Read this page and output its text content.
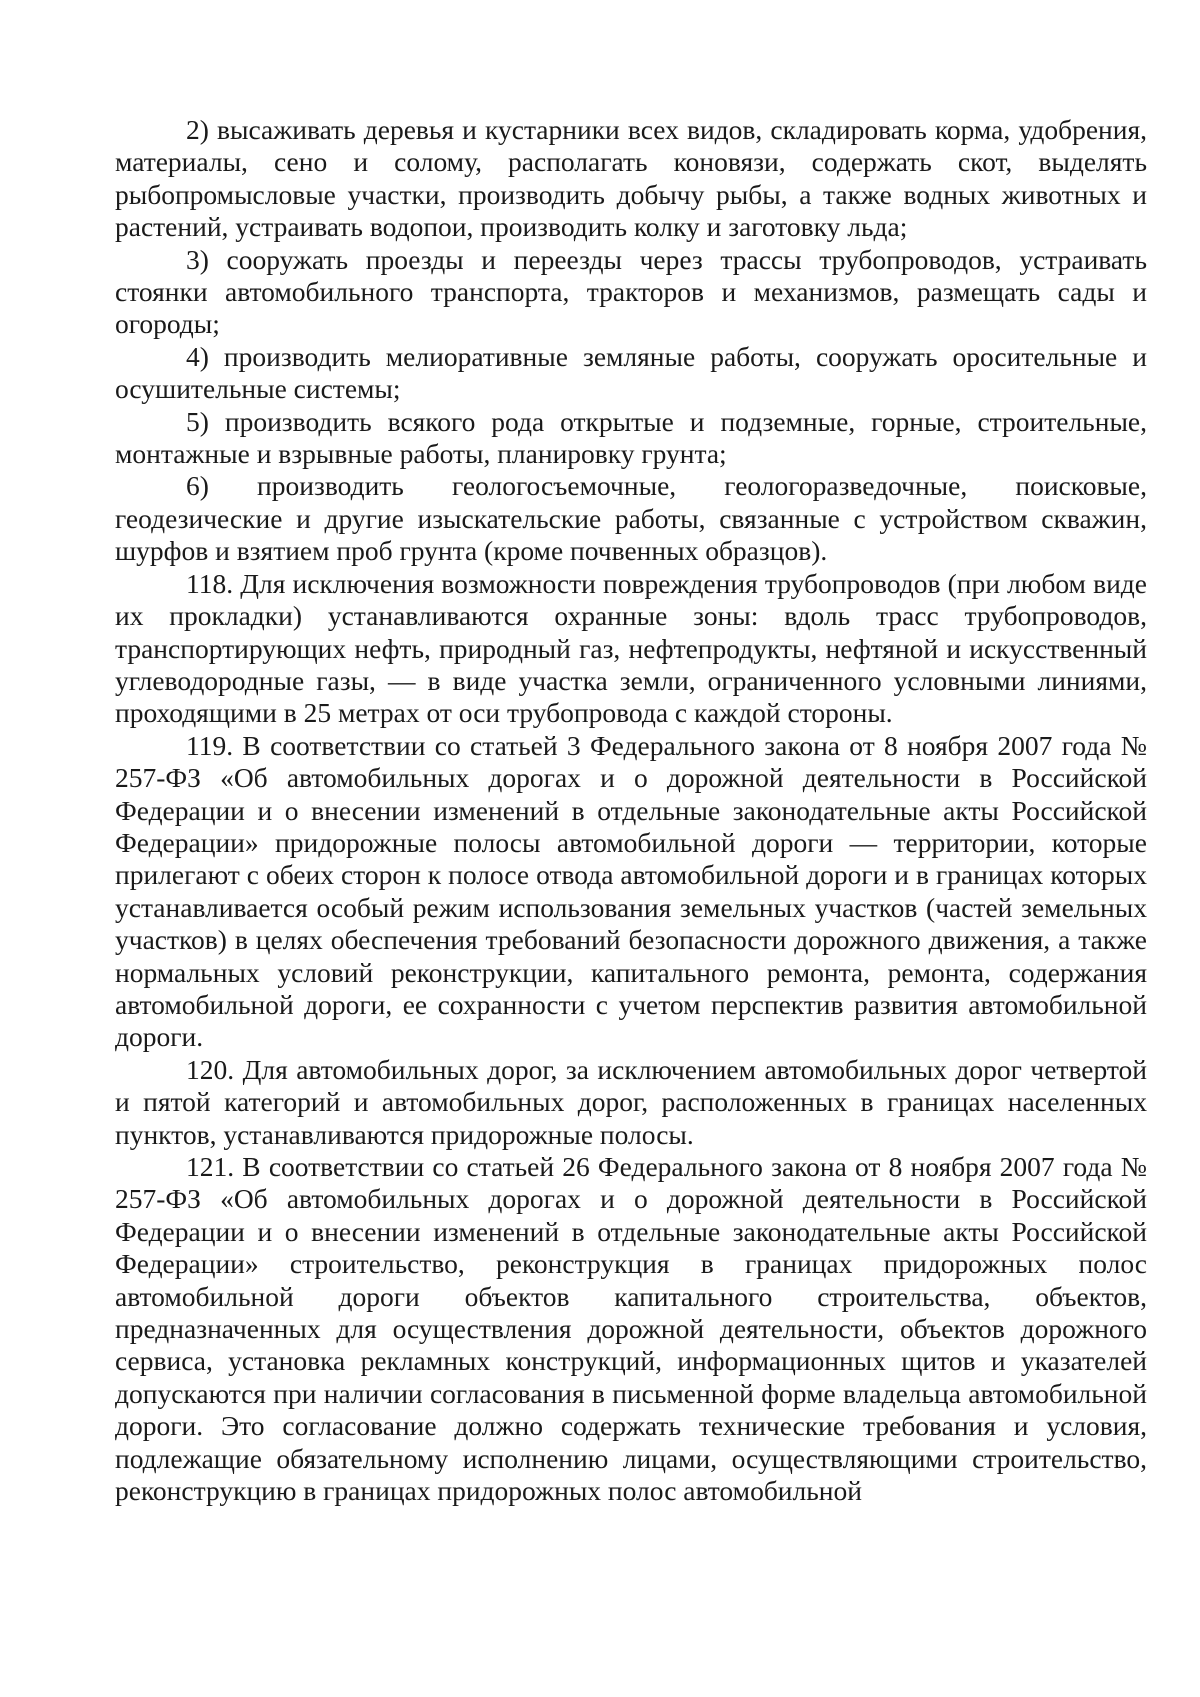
2) высаживать деревья и кустарники всех видов, складировать корма, удобрения, материалы, сено и солому, располагать коновязи, содержать скот, выделять рыбопромысловые участки, производить добычу рыбы, а также водных животных и растений, устраивать водопои, производить колку и заготовку льда;

3) сооружать проезды и переезды через трассы трубопроводов, устраивать стоянки автомобильного транспорта, тракторов и механизмов, размещать сады и огороды;

4) производить мелиоративные земляные работы, сооружать оросительные и осушительные системы;

5) производить всякого рода открытые и подземные, горные, строительные, монтажные и взрывные работы, планировку грунта;

6) производить геологосъемочные, геологоразведочные, поисковые, геодезические и другие изыскательские работы, связанные с устройством скважин, шурфов и взятием проб грунта (кроме почвенных образцов).

118. Для исключения возможности повреждения трубопроводов (при любом виде их прокладки) устанавливаются охранные зоны: вдоль трасс трубопроводов, транспортирующих нефть, природный газ, нефтепродукты, нефтяной и искусственный углеводородные газы, — в виде участка земли, ограниченного условными линиями, проходящими в 25 метрах от оси трубопровода с каждой стороны.

119. В соответствии со статьей 3 Федерального закона от 8 ноября 2007 года № 257-ФЗ «Об автомобильных дорогах и о дорожной деятельности в Российской Федерации и о внесении изменений в отдельные законодательные акты Российской Федерации» придорожные полосы автомобильной дороги — территории, которые прилегают с обеих сторон к полосе отвода автомобильной дороги и в границах которых устанавливается особый режим использования земельных участков (частей земельных участков) в целях обеспечения требований безопасности дорожного движения, а также нормальных условий реконструкции, капитального ремонта, ремонта, содержания автомобильной дороги, ее сохранности с учетом перспектив развития автомобильной дороги.

120. Для автомобильных дорог, за исключением автомобильных дорог четвертой и пятой категорий и автомобильных дорог, расположенных в границах населенных пунктов, устанавливаются придорожные полосы.

121. В соответствии со статьей 26 Федерального закона от 8 ноября 2007 года № 257-ФЗ «Об автомобильных дорогах и о дорожной деятельности в Российской Федерации и о внесении изменений в отдельные законодательные акты Российской Федерации» строительство, реконструкция в границах придорожных полос автомобильной дороги объектов капитального строительства, объектов, предназначенных для осуществления дорожной деятельности, объектов дорожного сервиса, установка рекламных конструкций, информационных щитов и указателей допускаются при наличии согласования в письменной форме владельца автомобильной дороги. Это согласование должно содержать технические требования и условия, подлежащие обязательному исполнению лицами, осуществляющими строительство, реконструкцию в границах придорожных полос автомобильной
